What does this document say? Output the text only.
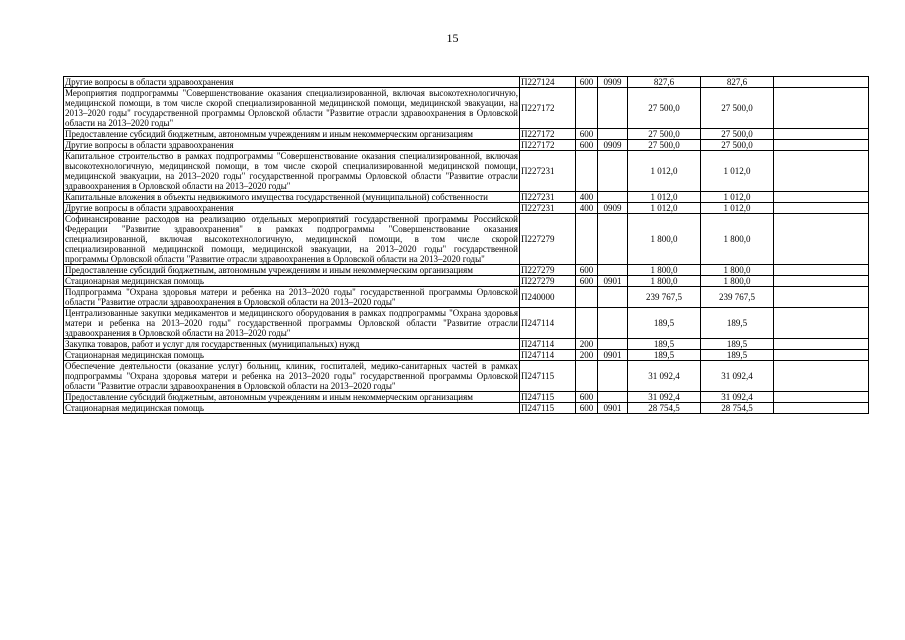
15
Другие вопросы в области здравоохранения	П227124	600	0909	827,6	827,6	
Мероприятия подпрограммы "Совершенствование оказания специализированной, включая высокотехнологичную, медицинской помощи, в том числе скорой специализированной медицинской помощи, медицинской эвакуации, на 2013–2020 годы" государственной программы Орловской области "Развитие отрасли здравоохранения в Орловской области на 2013–2020 годы"	П227172			27 500,0	27 500,0	
Предоставление субсидий бюджетным, автономным учреждениям и иным некоммерческим организациям	П227172	600		27 500,0	27 500,0	
Другие вопросы в области здравоохранения	П227172	600	0909	27 500,0	27 500,0	
Капитальное строительство в рамках подпрограммы "Совершенствование оказания специализированной, включая высокотехнологичную, медицинской помощи, в том числе скорой специализированной медицинской помощи, медицинской эвакуации, на 2013–2020 годы" государственной программы Орловской области "Развитие отрасли здравоохранения в Орловской области на 2013–2020 годы"	П227231			1 012,0	1 012,0	
Капитальные вложения в объекты недвижимого имущества государственной (муниципальной) собственности	П227231	400		1 012,0	1 012,0	
Другие вопросы в области здравоохранения	П227231	400	0909	1 012,0	1 012,0	
Софинансирование расходов на реализацию отдельных мероприятий государственной программы Российской Федерации "Развитие здравоохранения" в рамках подпрограммы "Совершенствование оказания специализированной, включая высокотехнологичную, медицинской помощи, в том числе скорой специализированной медицинской помощи, медицинской эвакуации, на 2013–2020 годы" государственной программы Орловской области "Развитие отрасли здравоохранения в Орловской области на 2013–2020 годы"	П227279			1 800,0	1 800,0	
Предоставление субсидий бюджетным, автономным учреждениям и иным некоммерческим организациям	П227279	600		1 800,0	1 800,0	
Стационарная медицинская помощь	П227279	600	0901	1 800,0	1 800,0	
Подпрограмма "Охрана здоровья матери и ребенка на 2013–2020 годы" государственной программы Орловской области "Развитие отрасли здравоохранения в Орловской области на 2013–2020 годы"	П240000			239 767,5	239 767,5	
Централизованные закупки медикаментов и медицинского оборудования в рамках подпрограммы "Охрана здоровья матери и ребенка на 2013–2020 годы" государственной программы Орловской области "Развитие отрасли здравоохранения в Орловской области на 2013–2020 годы"	П247114			189,5	189,5	
Закупка товаров, работ и услуг для государственных (муниципальных) нужд	П247114	200		189,5	189,5	
Стационарная медицинская помощь	П247114	200	0901	189,5	189,5	
Обеспечение деятельности (оказание услуг) больниц, клиник, госпиталей, медико-санитарных частей в рамках подпрограммы "Охрана здоровья матери и ребенка на 2013–2020 годы" государственной программы Орловской области "Развитие отрасли здравоохранения в Орловской области на 2013–2020 годы"	П247115			31 092,4	31 092,4	
Предоставление субсидий бюджетным, автономным учреждениям и иным некоммерческим организациям	П247115	600		31 092,4	31 092,4	
Стационарная медицинская помощь	П247115	600	0901	28 754,5	28 754,5	
